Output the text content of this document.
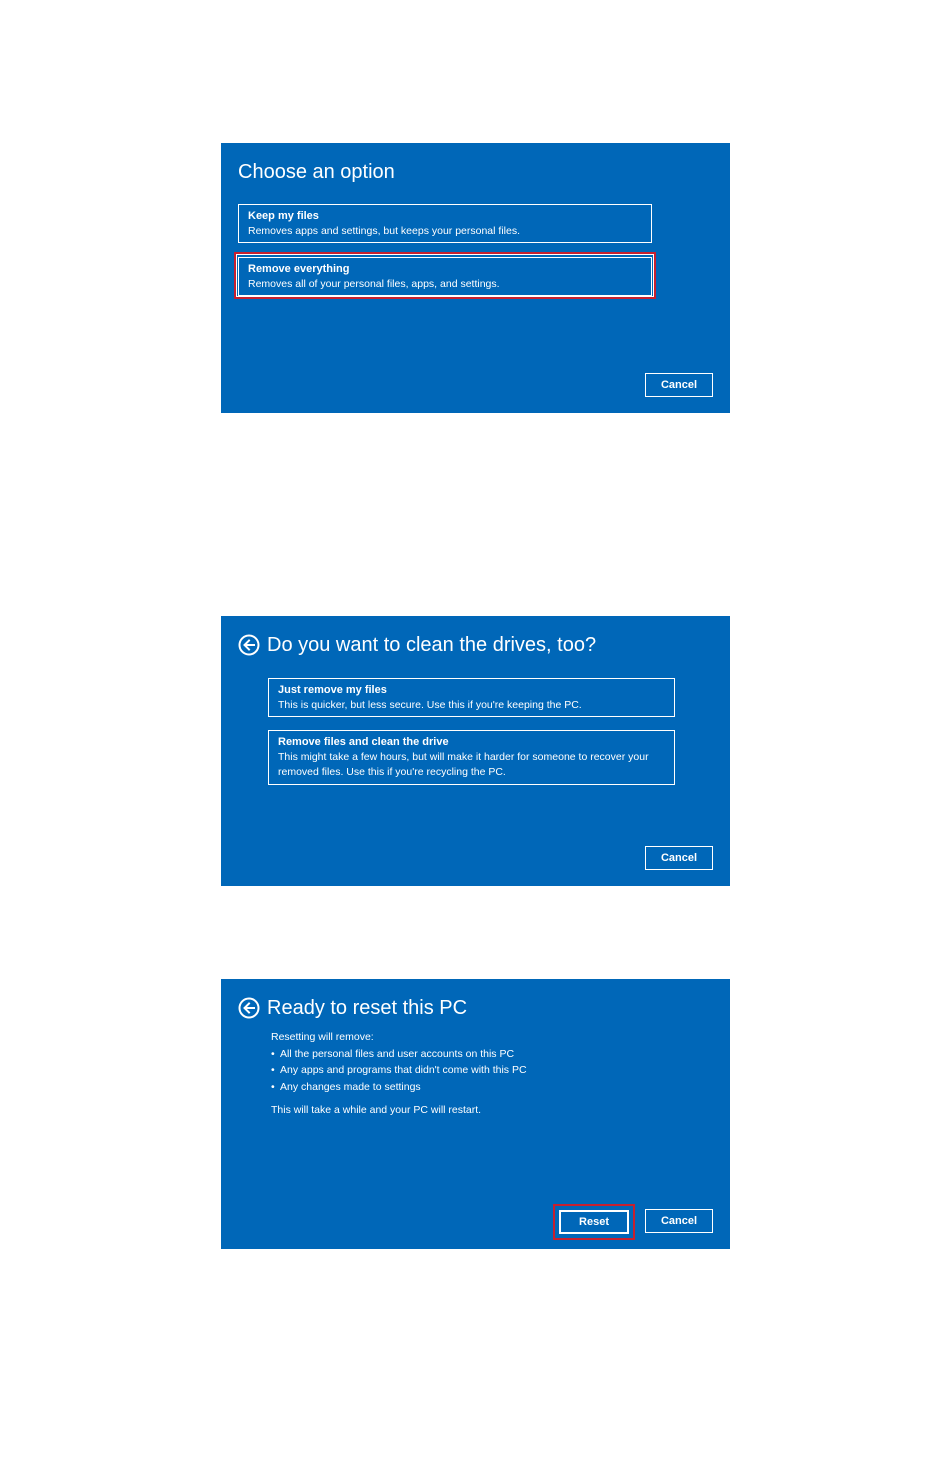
Choose an option
Keep my files
Removes apps and settings, but keeps your personal files.
Remove everything
Removes all of your personal files, apps, and settings.
Cancel
Do you want to clean the drives, too?
Just remove my files
This is quicker, but less secure. Use this if you're keeping the PC.
Remove files and clean the drive
This might take a few hours, but will make it harder for someone to recover your removed files. Use this if you're recycling the PC.
Cancel
Ready to reset this PC
Resetting will remove:
• All the personal files and user accounts on this PC
• Any apps and programs that didn't come with this PC
• Any changes made to settings
This will take a while and your PC will restart.
Reset	Cancel
